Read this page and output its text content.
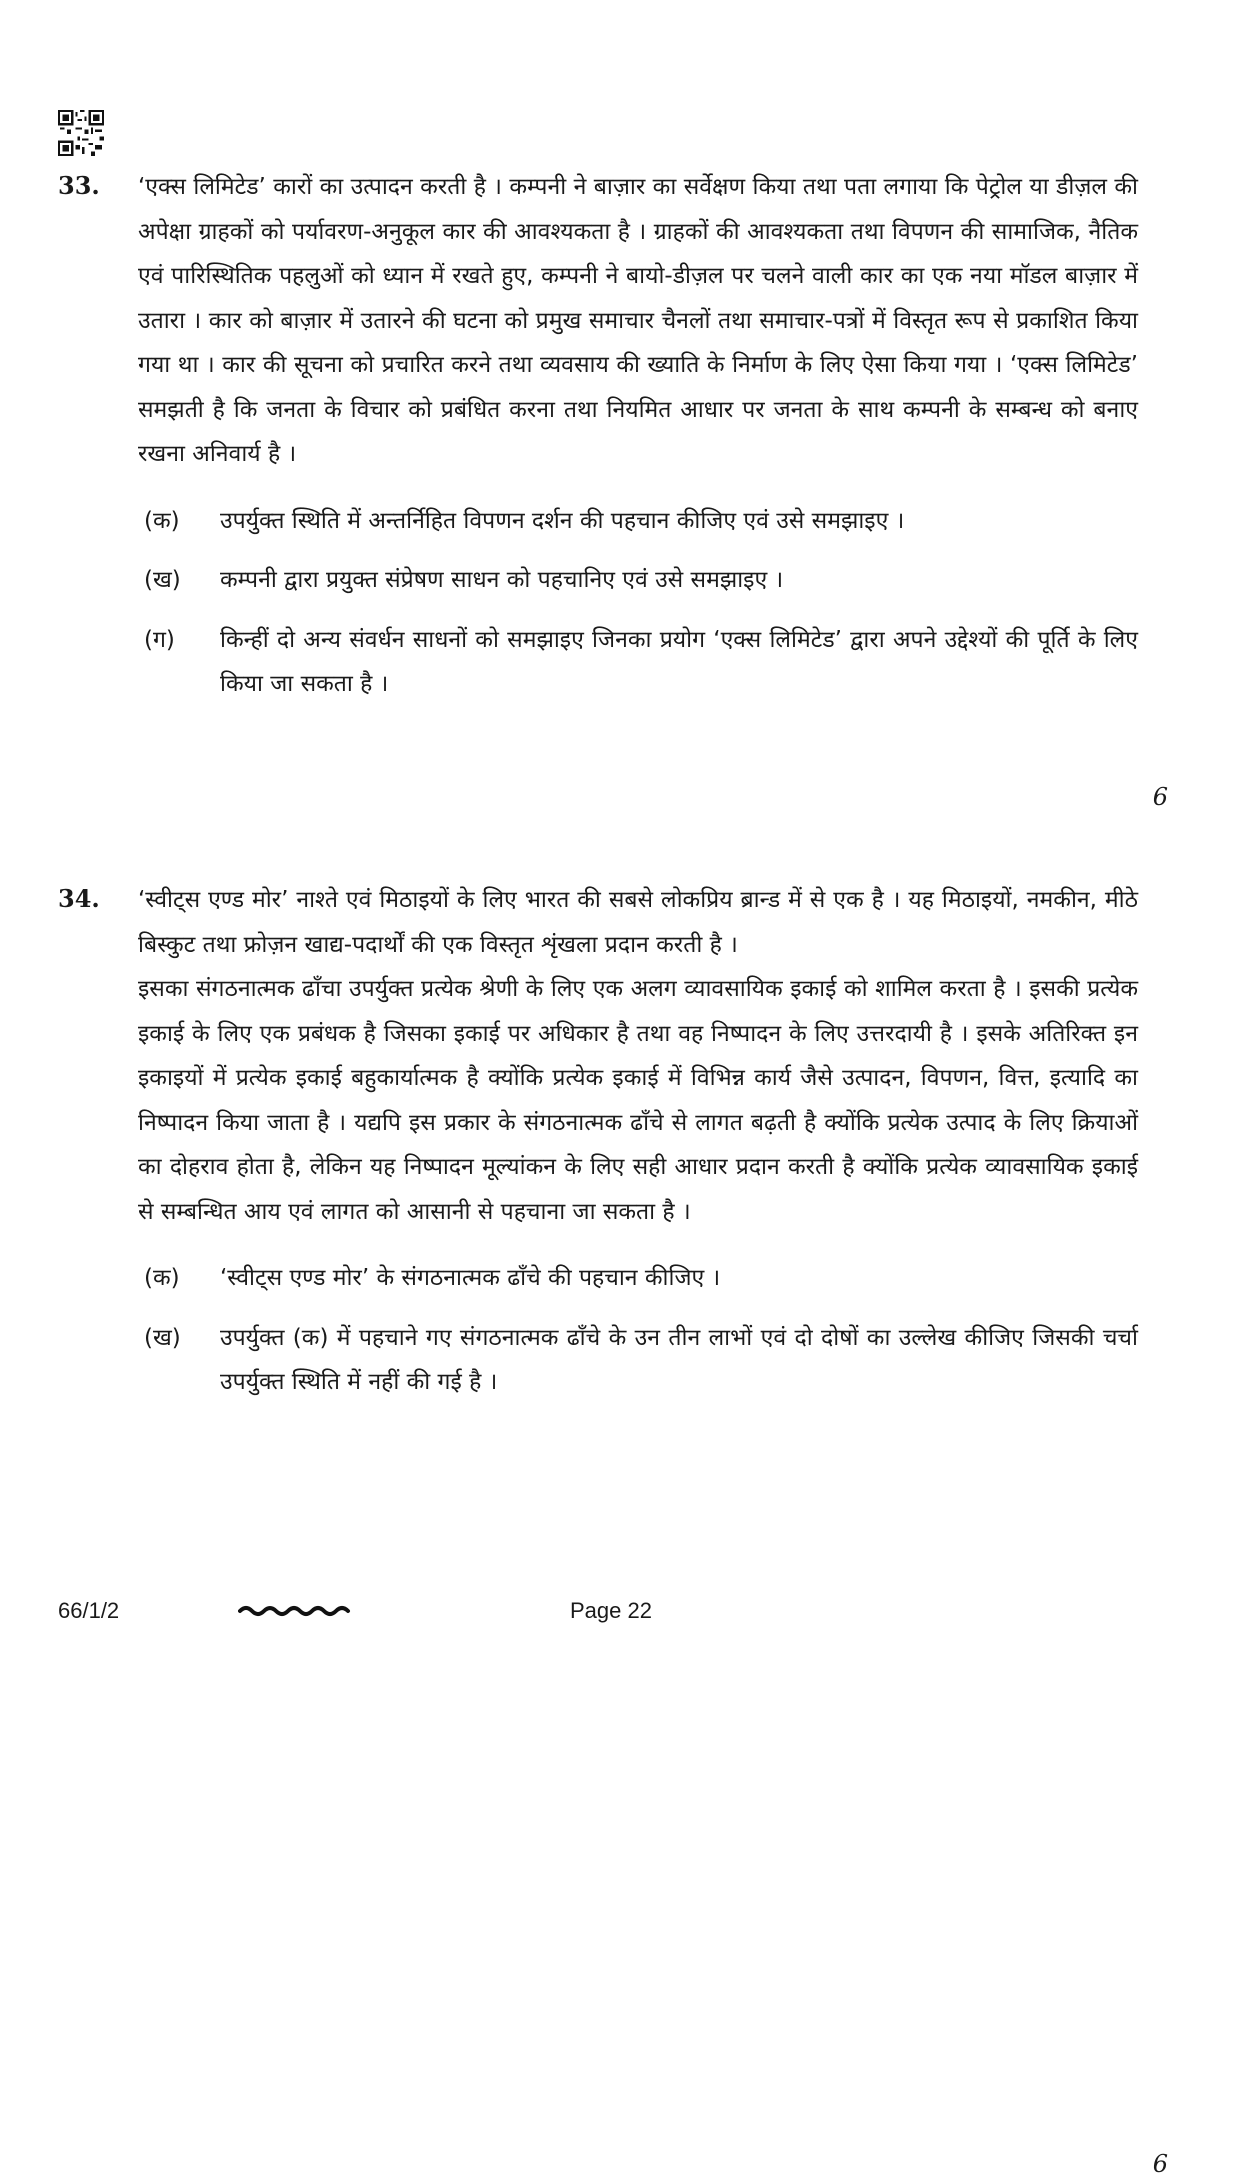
33. ‘एक्स लिमिटेड’ कारों का उत्पादन करती है । कम्पनी ने बाज़ार का सर्वेक्षण किया तथा पता लगाया कि पेट्रोल या डीज़ल की अपेक्षा ग्राहकों को पर्यावरण-अनुकूल कार की आवश्यकता है । ग्राहकों की आवश्यकता तथा विपणन की सामाजिक, नैतिक एवं पारिस्थितिक पहलुओं को ध्यान में रखते हुए, कम्पनी ने बायो-डीज़ल पर चलने वाली कार का एक नया मॉडल बाज़ार में उतारा । कार को बाज़ार में उतारने की घटना को प्रमुख समाचार चैनलों तथा समाचार-पत्रों में विस्तृत रूप से प्रकाशित किया गया था । कार की सूचना को प्रचारित करने तथा व्यवसाय की ख्याति के निर्माण के लिए ऐसा किया गया । ‘एक्स लिमिटेड’ समझती है कि जनता के विचार को प्रबंधित करना तथा नियमित आधार पर जनता के साथ कम्पनी के सम्बन्ध को बनाए रखना अनिवार्य है ।

(क) उपर्युक्त स्थिति में अन्तर्निहित विपणन दर्शन की पहचान कीजिए एवं उसे समझाइए ।
(ख) कम्पनी द्वारा प्रयुक्त संप्रेषण साधन को पहचानिए एवं उसे समझाइए ।
(ग) किन्हीं दो अन्य संवर्धन साधनों को समझाइए जिनका प्रयोग ‘एक्स लिमिटेड’ द्वारा अपने उद्देश्यों की पूर्ति के लिए किया जा सकता है ।
6
34. ‘स्वीट्स एण्ड मोर’ नाश्ते एवं मिठाइयों के लिए भारत की सबसे लोकप्रिय ब्रान्ड में से एक है । यह मिठाइयों, नमकीन, मीठे बिस्कुट तथा फ्रोज़न खाद्य-पदार्थों की एक विस्तृत शृंखला प्रदान करती है ।

इसका संगठनात्मक ढाँचा उपर्युक्त प्रत्येक श्रेणी के लिए एक अलग व्यावसायिक इकाई को शामिल करता है । इसकी प्रत्येक इकाई के लिए एक प्रबंधक है जिसका इकाई पर अधिकार है तथा वह निष्पादन के लिए उत्तरदायी है । इसके अतिरिक्त इन इकाइयों में प्रत्येक इकाई बहुकार्यात्मक है क्योंकि प्रत्येक इकाई में विभिन्न कार्य जैसे उत्पादन, विपणन, वित्त, इत्यादि का निष्पादन किया जाता है । यद्यपि इस प्रकार के संगठनात्मक ढाँचे से लागत बढ़ती है क्योंकि प्रत्येक उत्पाद के लिए क्रियाओं का दोहराव होता है, लेकिन यह निष्पादन मूल्यांकन के लिए सही आधार प्रदान करती है क्योंकि प्रत्येक व्यावसायिक इकाई से सम्बन्धित आय एवं लागत को आसानी से पहचाना जा सकता है ।

(क) ‘स्वीट्स एण्ड मोर’ के संगठनात्मक ढाँचे की पहचान कीजिए ।
(ख) उपर्युक्त (क) में पहचाने गए संगठनात्मक ढाँचे के उन तीन लाभों एवं दो दोषों का उल्लेख कीजिए जिसकी चर्चा उपर्युक्त स्थिति में नहीं की गई है ।
6
66/1/2	Page 22
